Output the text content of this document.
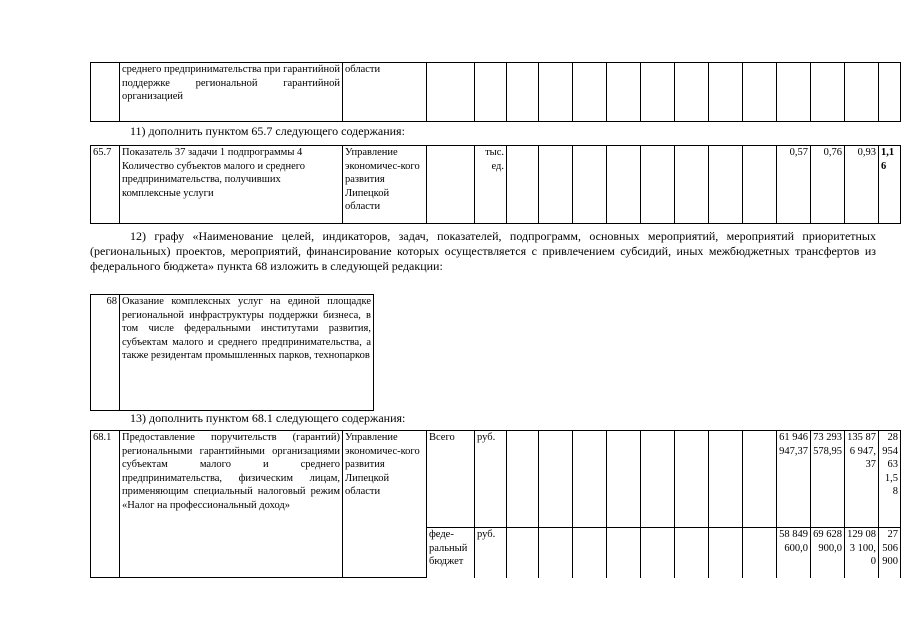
	среднего предпринимательства при гарантийной поддержке региональной гарантийной организацией	области														
11) дополнить пунктом 65.7 следующего содержания:
65.7	Показатель 37 задачи 1 подпрограммы 4 Количество субъектов малого и среднего предпринимательства, получивших комплексные услуги	Управление экономичес-кого развития Липецкой области		тыс. ед.									0,57	0,76	0,93	1,16
12) графу «Наименование целей, индикаторов, задач, показателей, подпрограмм, основных мероприятий, мероприятий приоритетных (региональных) проектов, мероприятий, финансирование которых осуществляется с привлечением субсидий, иных межбюджетных трансфертов из федерального бюджета» пункта 68 изложить в следующей редакции:
68	Оказание комплексных услуг на единой площадке региональной инфраструктуры поддержки бизнеса, в том числе федеральными институтами развития, субъектам малого и среднего предпринимательства, а также резидентам промышленных парков, технопарков
13) дополнить пунктом 68.1 следующего содержания:
68.1	Предоставление поручительств (гарантий) региональными гарантийными организациями субъектам малого и среднего предпринимательства, физическим лицам, применяющим специальный налоговый режим «Налог на профессиональный доход»	Управление экономичес-кого развития Липецкой области	Всего	руб.									61 946 947,37	73 293 578,95	135 876 947,37	28 954 631,58
			феде-ральный бюджет	руб.									58 849 600,0	69 628 900,0	129 083 100,0	27 506 900
